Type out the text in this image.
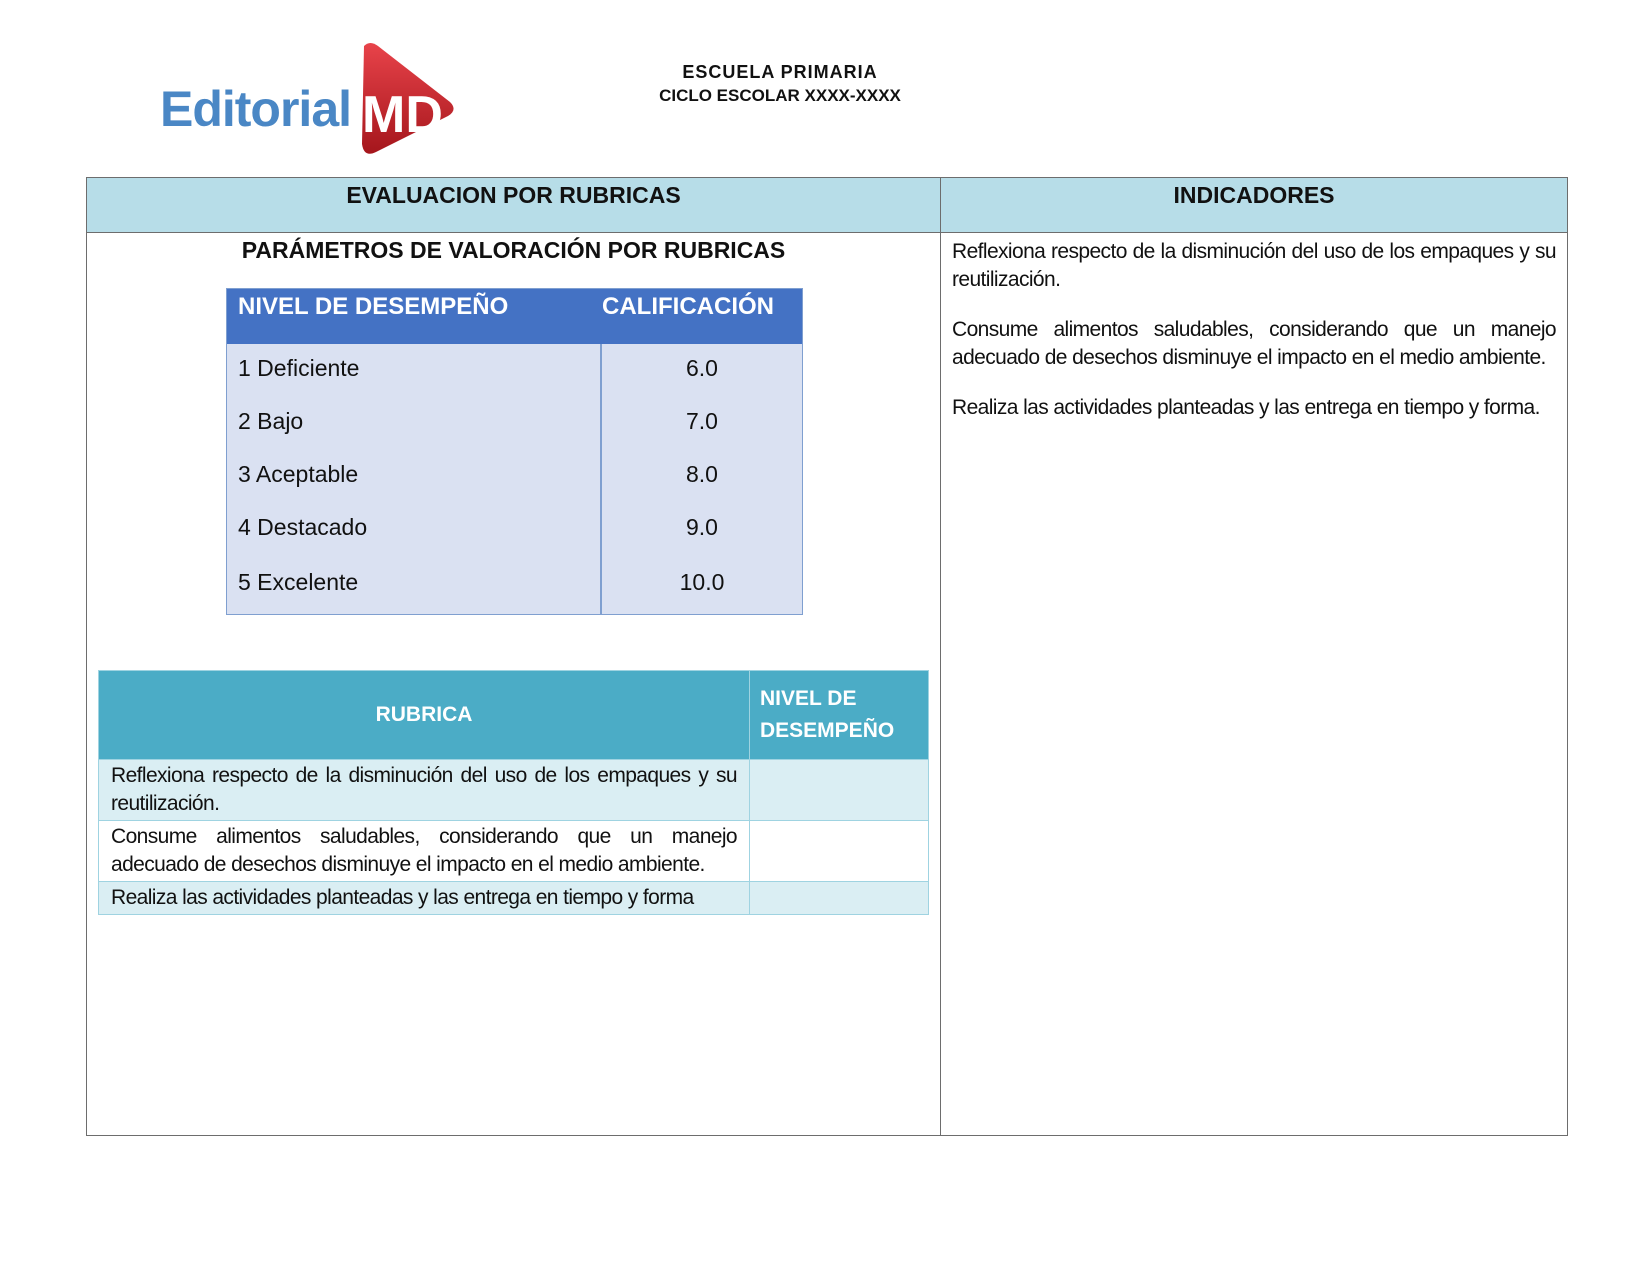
Editorial MD
ESCUELA PRIMARIA
CICLO ESCOLAR XXXX-XXXX
EVALUACION POR RUBRICAS
PARÁMETROS DE VALORACIÓN POR RUBRICAS
NIVEL DE DESEMPEÑO	CALIFICACIÓN
1 Deficiente	6.0
2 Bajo	7.0
3 Aceptable	8.0
4 Destacado	9.0
5 Excelente	10.0
RUBRICA	NIVEL DE DESEMPEÑO
Reflexiona respecto de la disminución del uso de los empaques y su reutilización.	
Consume alimentos saludables, considerando que un manejo adecuado de desechos disminuye el impacto en el medio ambiente.	
Realiza las actividades planteadas y las entrega en tiempo y forma	
INDICADORES

Reflexiona respecto de la disminución del uso de los empaques y su reutilización.

Consume alimentos saludables, considerando que un manejo adecuado de desechos disminuye el impacto en el medio ambiente.

Realiza las actividades planteadas y las entrega en tiempo y forma.
